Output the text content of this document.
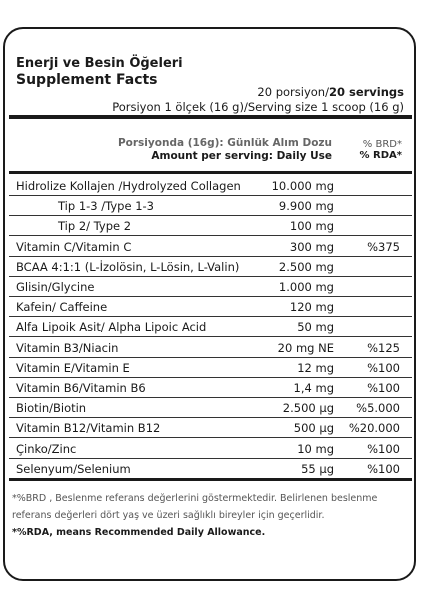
Enerji ve Besin Öğeleri
Supplement Facts
20 porsiyon/20 servings
Porsiyon 1 ölçek (16 g)/Serving size 1 scoop (16 g)
Porsiyonda (16g): Günlük Alım Dozu
Amount per serving: Daily Use
% BRD*
% RDA*
Hidrolize Kollajen /Hydrolyzed Collagen	10.000 mg
Tip 1-3 /Type 1-3	9.900 mg
Tip 2/ Type 2	100 mg
Vitamin C/Vitamin C	300 mg	%375
BCAA 4:1:1 (L-İzolösin, L-Lösin, L-Valin)	2.500 mg
Glisin/Glycine	1.000 mg
Kafein/ Caffeine	120 mg
Alfa Lipoik Asit/ Alpha Lipoic Acid	50 mg
Vitamin B3/Niacin	20 mg NE	%125
Vitamin E/Vitamin E	12 mg	%100
Vitamin B6/Vitamin B6	1,4 mg	%100
Biotin/Biotin	2.500 µg %5.000
Vitamin B12/Vitamin B12	500 µg %20.000
Çinko/Zinc	10 mg	%100
Selenyum/Selenium	55 µg	%100
*%BRD , Beslenme referans değerlerini göstermektedir. Belirlenen beslenme referans değerleri dört yaş ve üzeri sağlıklı bireyler için geçerlidir.
*%RDA, means Recommended Daily Allowance.
